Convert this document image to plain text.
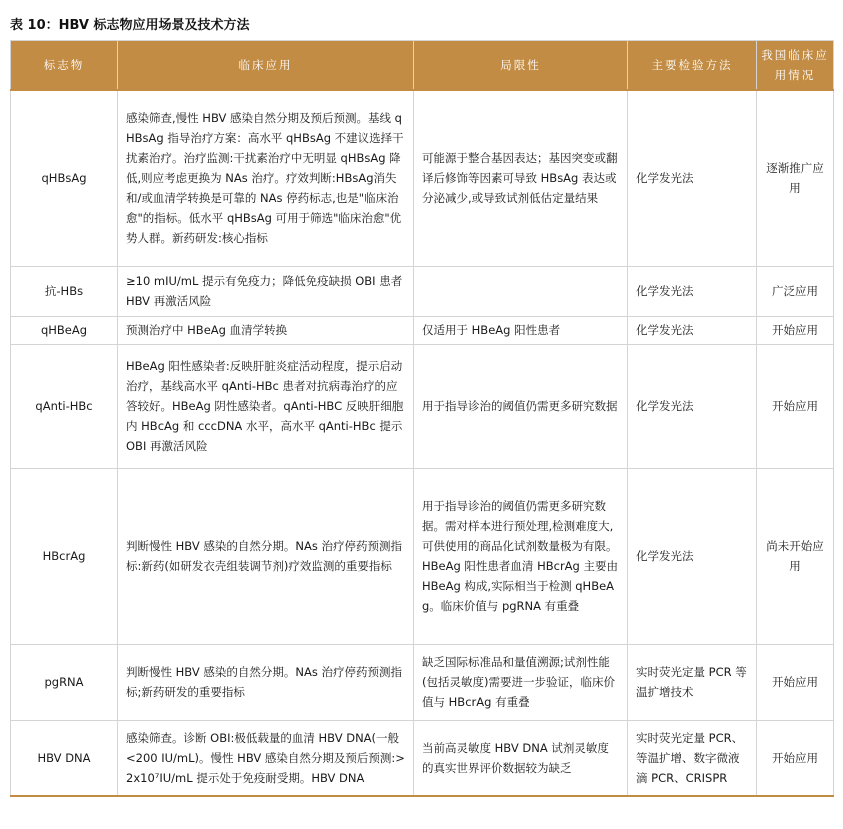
表 10：HBV 标志物应用场景及技术方法
标志物	临床应用	局限性	主要检验方法	我国临床应用情况
qHBsAg	感染筛查,慢性 HBV 感染自然分期及预后预测。基线 qHBsAg 指导治疗方案：高水平 qHBsAg 不建议选择干扰素治疗。治疗监测:干扰素治疗中无明显 qHBsAg 降低,则应考虑更换为 NAs 治疗。疗效判断:HBsAg消失和/或血清学转换是可靠的 NAs 停药标志,也是"临床治愈"的指标。低水平 qHBsAg 可用于筛选"临床治愈"优势人群。新药研发:核心指标	可能源于整合基因表达；基因突变或翻译后修饰等因素可导致 HBsAg 表达或分泌减少,或导致试剂低估定量结果	化学发光法	逐渐推广应用
抗-HBs	≥10 mIU/mL 提示有免疫力；降低免疫缺损 OBI 患者 HBV 再激活风险		化学发光法	广泛应用
qHBeAg	预测治疗中 HBeAg 血清学转换	仅适用于 HBeAg 阳性患者	化学发光法	开始应用
qAnti-HBc	HBeAg 阳性感染者:反映肝脏炎症活动程度，提示启动治疗，基线高水平 qAnti-HBc 患者对抗病毒治疗的应答较好。HBeAg 阴性感染者。qAnti-HBC 反映肝细胞内 HBcAg 和 cccDNA 水平，高水平 qAnti-HBc 提示 OBI 再激活风险	用于指导诊治的阈值仍需更多研究数据	化学发光法	开始应用
HBcrAg	判断慢性 HBV 感染的自然分期。NAs 治疗停药预测指标:新药(如研发衣壳组装调节剂)疗效监测的重要指标	用于指导诊治的阈值仍需更多研究数据。需对样本进行预处理,检测难度大,可供使用的商品化试剂数量极为有限。HBeAg 阳性患者血清 HBcrAg 主要由 HBeAg 构成,实际相当于检测 qHBeAg。临床价值与 pgRNA 有重叠	化学发光法	尚未开始应用
pgRNA	判断慢性 HBV 感染的自然分期。NAs 治疗停药预测指标;新药研发的重要指标	缺乏国际标准品和量值溯源;试剂性能(包括灵敏度)需要进一步验证，临床价值与 HBcrAg 有重叠	实时荧光定量 PCR 等温扩增技术	开始应用
HBV DNA	感染筛查。诊断 OBI:极低载量的血清 HBV DNA(一般<200 IU/mL)。慢性 HBV 感染自然分期及预后预测:>2x10⁷IU/mL 提示处于免疫耐受期。HBV DNA	当前高灵敏度 HBV DNA 试剂灵敏度的真实世界评价数据较为缺乏	实时荧光定量 PCR、等温扩增、数字微液滴 PCR、CRISPR	开始应用
